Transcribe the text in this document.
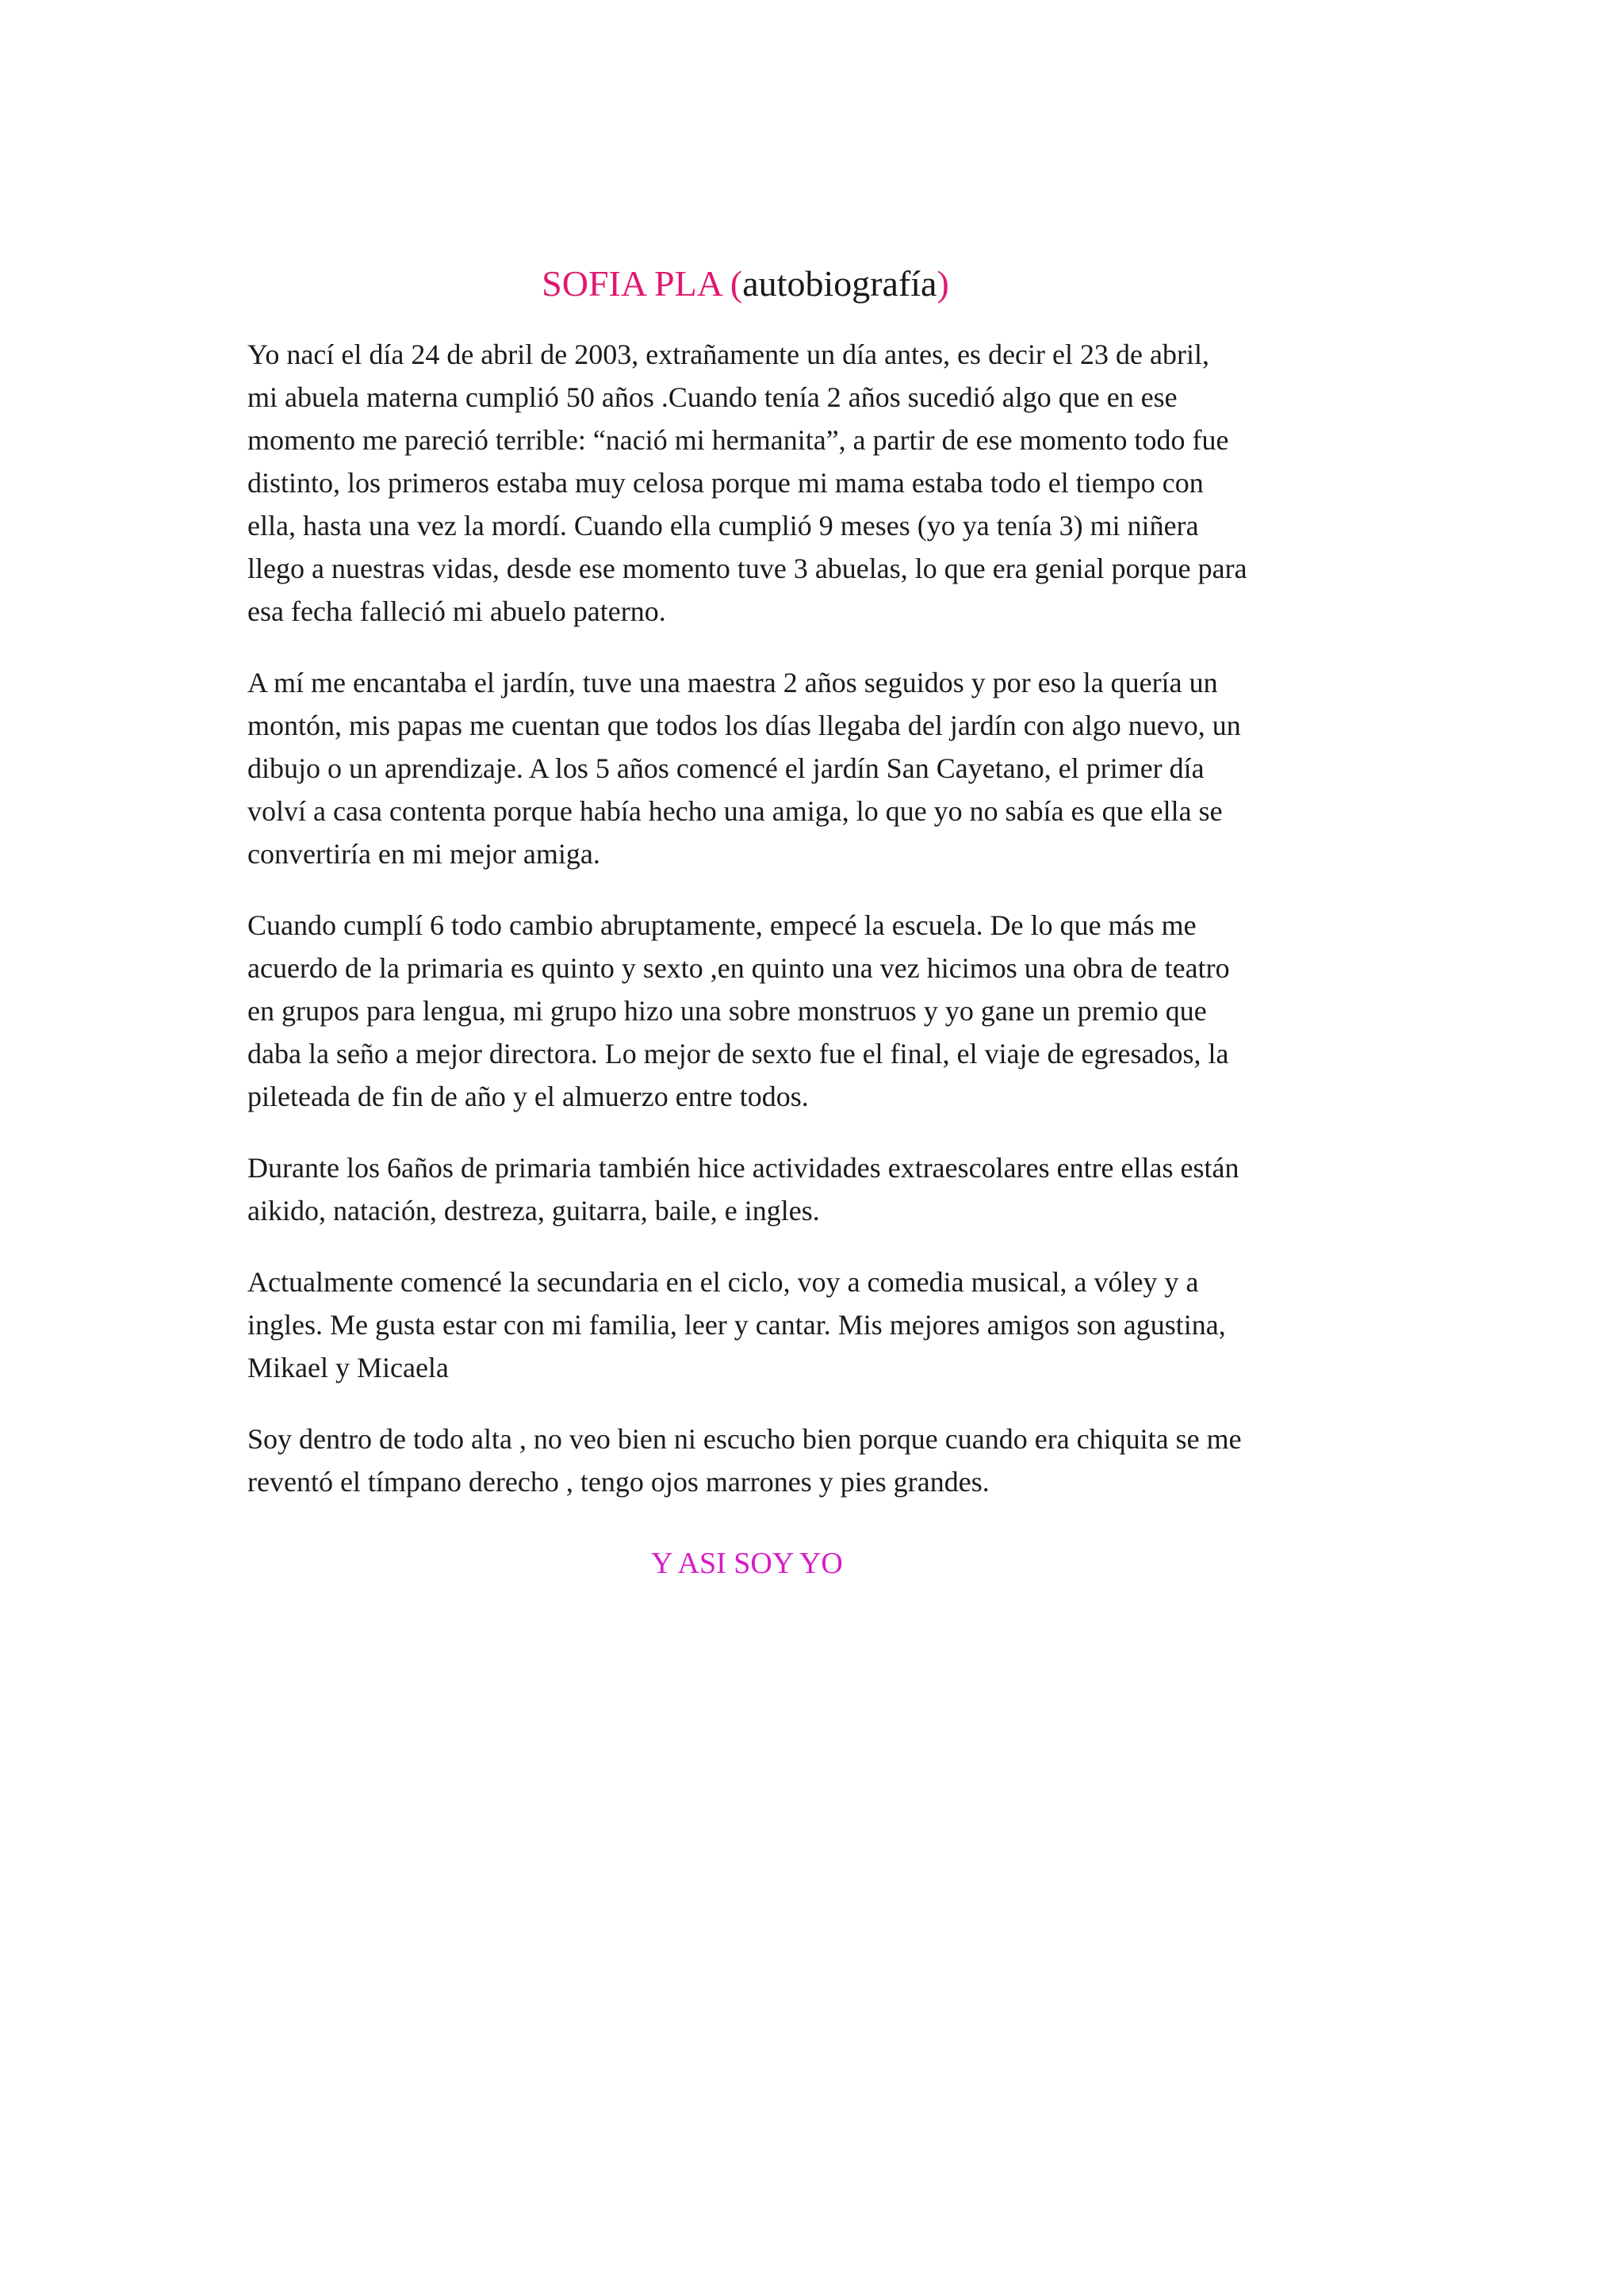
SOFIA PLA (autobiografía)
Yo nací el día 24 de abril de 2003, extrañamente un día antes, es decir el 23 de abril,
mi abuela materna cumplió 50 años .Cuando tenía 2 años sucedió algo que en ese
momento me pareció terrible: “nació mi hermanita”, a partir de ese momento todo fue
distinto, los primeros estaba muy celosa porque mi mama estaba todo el tiempo con
ella, hasta una vez la mordí. Cuando ella cumplió 9 meses (yo ya tenía 3) mi niñera
llego a nuestras vidas, desde ese momento tuve 3 abuelas, lo que era genial porque para
esa fecha falleció mi abuelo paterno.
A mí me encantaba el jardín, tuve una maestra 2 años seguidos y por eso la quería un
montón, mis papas me cuentan que todos los días llegaba del jardín con algo nuevo, un
dibujo o un aprendizaje. A los 5 años comencé el jardín San Cayetano, el primer día
volví a casa contenta porque había hecho una amiga, lo que yo no sabía es que ella se
convertiría en mi mejor amiga.
Cuando cumplí 6 todo cambio abruptamente, empecé la escuela. De lo que más me
acuerdo de la primaria es quinto y sexto ,en quinto una vez hicimos una obra de teatro
en grupos para lengua, mi grupo hizo una sobre monstruos y yo gane un premio que
daba la seño a mejor directora. Lo mejor de sexto fue el final, el viaje de egresados, la
pileteada de fin de año y el almuerzo entre todos.
Durante los 6años de primaria también hice actividades extraescolares entre ellas están
aikido, natación, destreza, guitarra, baile, e ingles.
Actualmente comencé la secundaria en el ciclo, voy a comedia musical, a vóley y a
ingles. Me gusta estar con mi familia, leer y cantar. Mis mejores amigos son agustina,
Mikael y Micaela
Soy dentro de todo alta , no veo bien ni escucho bien porque cuando era chiquita se me
reventó el tímpano derecho , tengo ojos marrones y pies grandes.
Y ASI SOY YO
